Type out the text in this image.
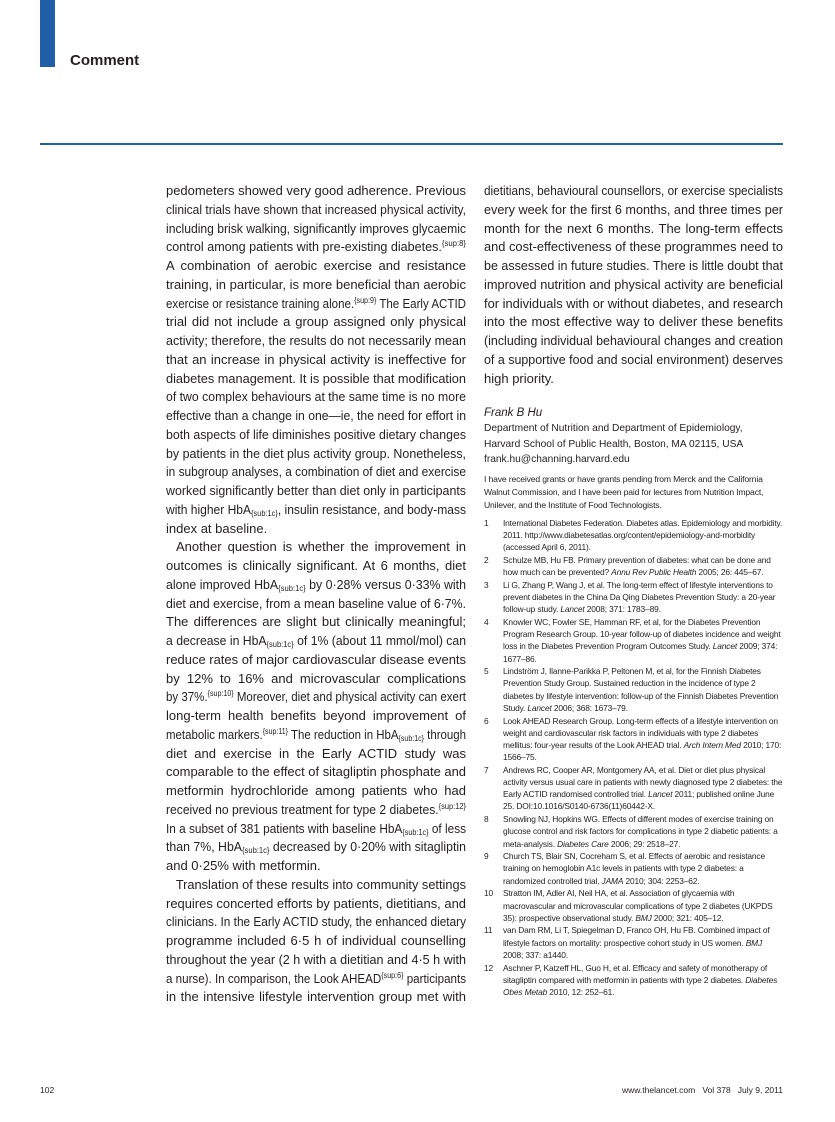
Comment
pedometers showed very good adherence. Previous
clinical trials have shown that increased physical activity,
including brisk walking, significantly improves glycaemic
control among patients with pre-existing diabetes.$^{\{sup:8\}}$
A combination of aerobic exercise and resistance
training, in particular, is more beneficial than aerobic
exercise or resistance training alone.$^{\{sup:9\}}$ The Early ACTID
trial did not include a group assigned only physical
activity; therefore, the results do not necessarily mean
that an increase in physical activity is ineffective for
diabetes management. It is possible that modification
of two complex behaviours at the same time is no more
effective than a change in one—ie, the need for effort in
both aspects of life diminishes positive dietary changes
by patients in the diet plus activity group. Nonetheless,
in subgroup analyses, a combination of diet and exercise
worked significantly better than diet only in participants
with higher HbA$_{\{sub:1c\}}$, insulin resistance, and body-mass
index at baseline.
Another question is whether the improvement in
outcomes is clinically significant. At 6 months, diet
alone improved HbA$_{\{sub:1c\}}$ by 0·28% versus 0·33% with
diet and exercise, from a mean baseline value of 6·7%.
The differences are slight but clinically meaningful;
a decrease in HbA$_{\{sub:1c\}}$ of 1% (about 11 mmol/mol) can
reduce rates of major cardiovascular disease events
by 12% to 16% and microvascular complications
by 37%.$^{\{sup:10\}}$ Moreover, diet and physical activity can exert
long-term health benefits beyond improvement of
metabolic markers.$^{\{sup:11\}}$ The reduction in HbA$_{\{sub:1c\}}$ through
diet and exercise in the Early ACTID study was
comparable to the effect of sitagliptin phosphate and
metformin hydrochloride among patients who had
received no previous treatment for type 2 diabetes.$^{\{sup:12\}}$
In a subset of 381 patients with baseline HbA$_{\{sub:1c\}}$ of less
than 7%, HbA$_{\{sub:1c\}}$ decreased by 0·20% with sitagliptin
and 0·25% with metformin.
Translation of these results into community settings
requires concerted efforts by patients, dietitians, and
clinicians. In the Early ACTID study, the enhanced dietary
programme included 6·5 h of individual counselling
throughout the year (2 h with a dietitian and 4·5 h with
a nurse). In comparison, the Look $AHEAD^{\{sup:6\}}$ participants
in the intensive lifestyle intervention group met with
dietitians, behavioural counsellors, or exercise specialists
every week for the first 6 months, and three times per
month for the next 6 months. The long-term effects
and cost-effectiveness of these programmes need to
be assessed in future studies. There is little doubt that
improved nutrition and physical activity are beneficial
for individuals with or without diabetes, and research
into the most effective way to deliver these benefits
(including individual behavioural changes and creation
of a supportive food and social environment) deserves
high priority.
Frank B Hu
Department of Nutrition and Department of Epidemiology,
Harvard School of Public Health, Boston, MA 02115, USA
frank.hu@channing.harvard.edu
I have received grants or have grants pending from Merck and the California Walnut Commission, and I have been paid for lectures from Nutrition Impact, Unilever, and the Institute of Food Technologists.
1	International Diabetes Federation. Diabetes atlas. Epidemiology and morbidity. 2011. http://www.diabetesatlas.org/content/epidemiology-and-morbidity (accessed April 6, 2011).
2	Schulze MB, Hu FB. Primary prevention of diabetes: what can be done and how much can be prevented? Annu Rev Public Health 2005; 26: 445–67.
3	Li G, Zhang P, Wang J, et al. The long-term effect of lifestyle interventions to prevent diabetes in the China Da Qing Diabetes Prevention Study: a 20-year follow-up study. Lancet 2008; 371: 1783–89.
4	Knowler WC, Fowler SE, Hamman RF, et al, for the Diabetes Prevention Program Research Group. 10-year follow-up of diabetes incidence and weight loss in the Diabetes Prevention Program Outcomes Study. Lancet 2009; 374: 1677–86.
5	Lindström J, Ilanne-Parikka P, Peltonen M, et al, for the Finnish Diabetes Prevention Study Group. Sustained reduction in the incidence of type 2 diabetes by lifestyle intervention: follow-up of the Finnish Diabetes Prevention Study. Lancet 2006; 368: 1673–79.
6	Look AHEAD Research Group. Long-term effects of a lifestyle intervention on weight and cardiovascular risk factors in individuals with type 2 diabetes mellitus: four-year results of the Look AHEAD trial. Arch Intern Med 2010; 170: 1566–75.
7	Andrews RC, Cooper AR, Montgomery AA, et al. Diet or diet plus physical activity versus usual care in patients with newly diagnosed type 2 diabetes: the Early ACTID randomised controlled trial. Lancet 2011; published online June 25. DOI:10.1016/S0140-6736(11)60442-X.
8	Snowling NJ, Hopkins WG. Effects of different modes of exercise training on glucose control and risk factors for complications in type 2 diabetic patients: a meta-analysis. Diabetes Care 2006; 29: 2518–27.
9	Church TS, Blair SN, Cocreham S, et al. Effects of aerobic and resistance training on hemoglobin A1c levels in patients with type 2 diabetes: a randomized controlled trial. JAMA 2010; 304: 2253–62.
10	Stratton IM, Adler AI, Neil HA, et al. Association of glycaemia with macrovascular and microvascular complications of type 2 diabetes (UKPDS 35): prospective observational study. BMJ 2000; 321: 405–12.
11	van Dam RM, Li T, Spiegelman D, Franco OH, Hu FB. Combined impact of lifestyle factors on mortality: prospective cohort study in US women. BMJ 2008; 337: a1440.
12	Aschner P, Katzeff HL, Guo H, et al. Efficacy and safety of monotherapy of sitagliptin compared with metformin in patients with type 2 diabetes. Diabetes Obes Metab 2010, 12: 252–61.
102	www.thelancet.com Vol 378 July 9, 2011
